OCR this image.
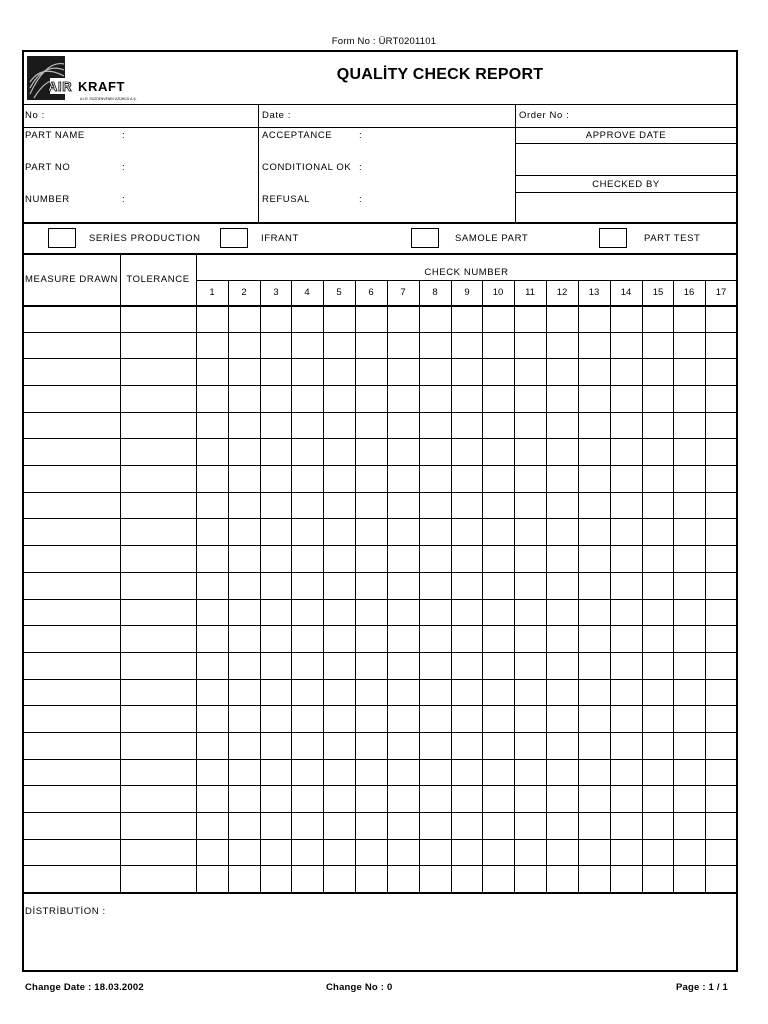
Form No : ÜRT0201101
AIR KRAFT
A.I.R. SÜZDENVENIN ÜZÜMCÜ A.Ş.
QUALİTY CHECK REPORT
No :	Date :	Order No :
PART NAME	:
PART NO	:
NUMBER	:
ACCEPTANCE	:
CONDITIONAL OK :
REFUSAL	:
APPROVE DATE
CHECKED BY
SERİES PRODUCTION	IFRANT	SAMOLE PART	PART TEST
MEASURE DRAWN TOLERANCE
CHECK NUMBER
1	2	3	4	5	6	7	8	9	10	11	12	13	14	15	16	17
DİSTRİBUTİON :
Change Date : 18.03.2002	Change No : 0	Page : 1 / 1
